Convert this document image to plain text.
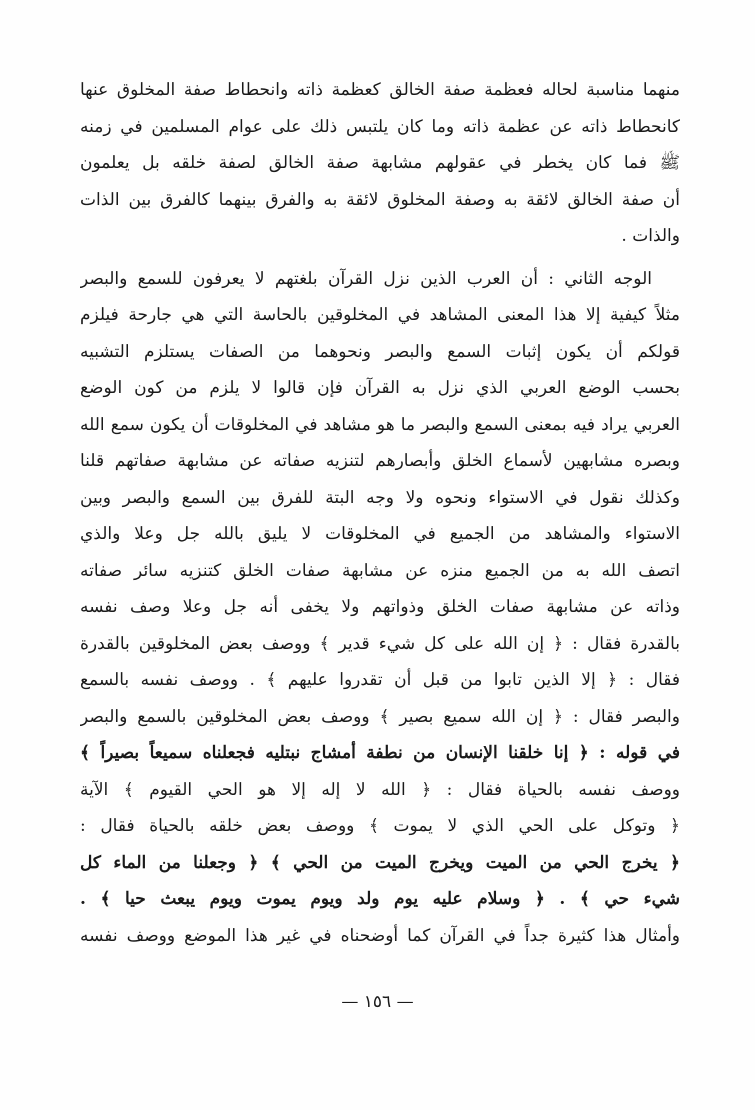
منهما مناسبة لحاله فعظمة صفة الخالق كعظمة ذاته وانحطاط صفة المخلوق عنها
كانحطاط ذاته عن عظمة ذاته وما كان يلتبس ذلك على عوام المسلمين في زمنه
ﷺ فما كان يخطر في عقولهم مشابهة صفة الخالق لصفة خلقه بل يعلمون
أن صفة الخالق لائقة به وصفة المخلوق لائقة به والفرق بينهما كالفرق بين الذات
والذات .
الوجه الثاني : أن العرب الذين نزل القرآن بلغتهم لا يعرفون للسمع والبصر
مثلاً كيفية إلا هذا المعنى المشاهد في المخلوقين بالحاسة التي هي جارحة فيلزم
قولكم أن يكون إثبات السمع والبصر ونحوهما من الصفات يستلزم التشبيه
بحسب الوضع العربي الذي نزل به القرآن فإن قالوا لا يلزم من كون الوضع
العربي يراد فيه بمعنى السمع والبصر ما هو مشاهد في المخلوقات أن يكون سمع الله
وبصره مشابهين لأسماع الخلق وأبصارهم لتنزيه صفاته عن مشابهة صفاتهم قلنا
وكذلك نقول في الاستواء ونحوه ولا وجه البتة للفرق بين السمع والبصر وبين
الاستواء والمشاهد من الجميع في المخلوقات لا يليق بالله جل وعلا والذي
اتصف الله به من الجميع منزه عن مشابهة صفات الخلق كتنزيه سائر صفاته
وذاته عن مشابهة صفات الخلق وذواتهم ولا يخفى أنه جل وعلا وصف نفسه
بالقدرة فقال : ﴿ إن الله على كل شيء قدير ﴾ ووصف بعض المخلوقين بالقدرة
فقال : ﴿ إلا الذين تابوا من قبل أن تقدروا عليهم ﴾ . ووصف نفسه بالسمع
والبصر فقال : ﴿ إن الله سميع بصير ﴾ ووصف بعض المخلوقين بالسمع والبصر
في قوله : ﴿ إنا خلقنا الإنسان من نطفة أمشاج نبتليه فجعلناه سميعاً بصيراً ﴾
ووصف نفسه بالحياة فقال : ﴿ الله لا إله إلا هو الحي القيوم ﴾ الآية
﴿ وتوكل على الحي الذي لا يموت ﴾ ووصف بعض خلقه بالحياة فقال :
﴿ يخرج الحي من الميت ويخرج الميت من الحي ﴾ ﴿ وجعلنا من الماء كل
شيء حي ﴾ . ﴿ وسلام عليه يوم ولد ويوم يموت ويوم يبعث حيا ﴾ .
وأمثال هذا كثيرة جداً في القرآن كما أوضحناه في غير هذا الموضع ووصف نفسه
— ١٥٦ —
